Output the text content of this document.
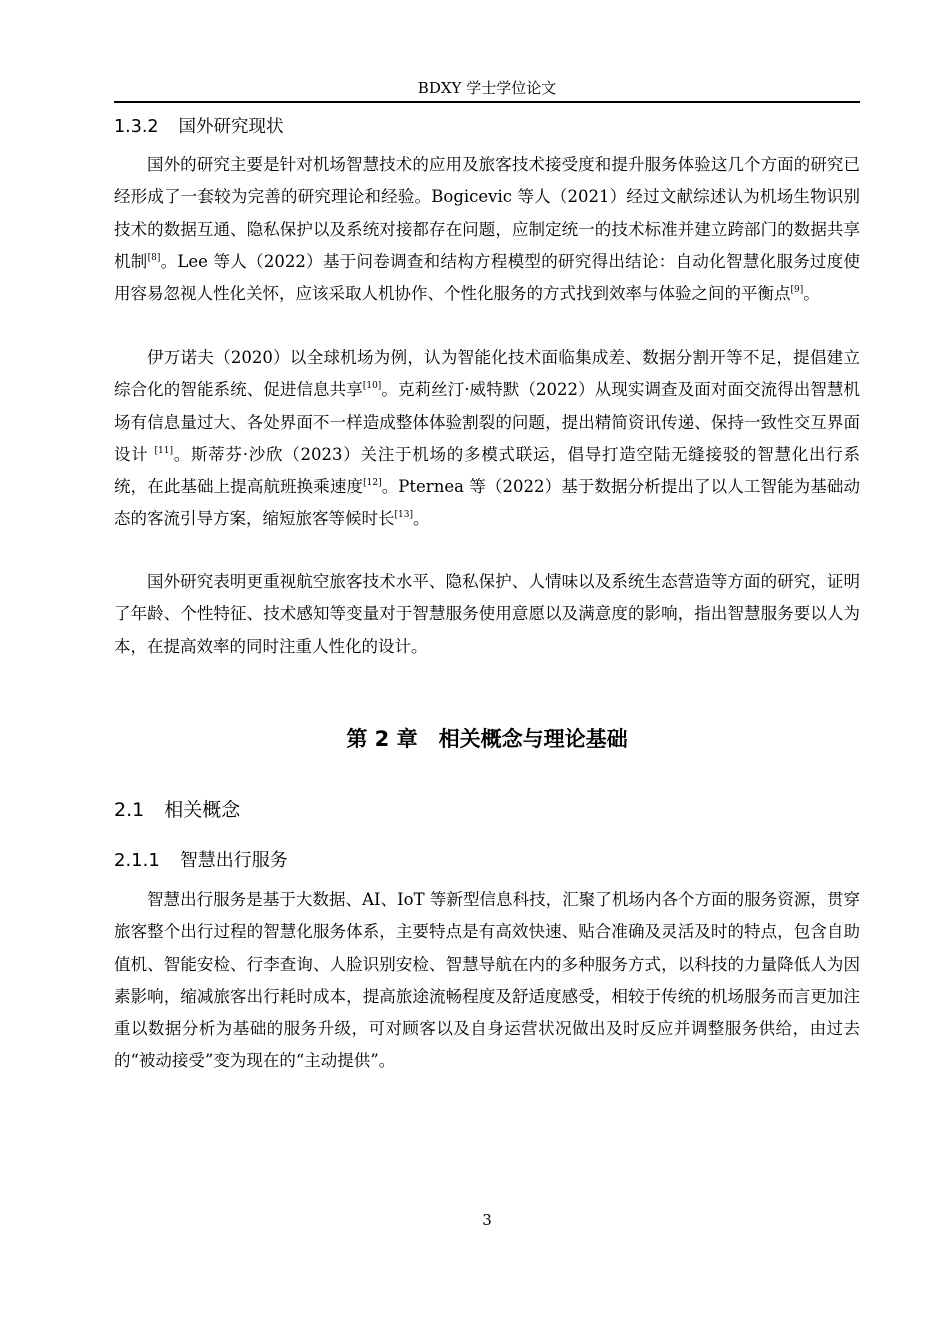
BDXY 学士学位论文
1.3.2 国外研究现状

国外的研究主要是针对机场智慧技术的应用及旅客技术接受度和提升服务体验这几个方面的研究已经形成了一套较为完善的研究理论和经验。Bogicevic 等人（2021）经过文献综述认为机场生物识别技术的数据互通、隐私保护以及系统对接都存在问题，应制定统一的技术标准并建立跨部门的数据共享机制[8]。Lee 等人（2022）基于问卷调查和结构方程模型的研究得出结论：自动化智慧化服务过度使用容易忽视人性化关怀，应该采取人机协作、个性化服务的方式找到效率与体验之间的平衡点[9]。

伊万诺夫（2020）以全球机场为例，认为智能化技术面临集成差、数据分割开等不足，提倡建立综合化的智能系统、促进信息共享[10]。克莉丝汀·威特默（2022）从现实调查及面对面交流得出智慧机场有信息量过大、各处界面不一样造成整体体验割裂的问题，提出精简资讯传递、保持一致性交互界面设计 [11]。斯蒂芬·沙欣（2023）关注于机场的多模式联运，倡导打造空陆无缝接驳的智慧化出行系统，在此基础上提高航班换乘速度[12]。Pternea 等（2022）基于数据分析提出了以人工智能为基础动态的客流引导方案，缩短旅客等候时长[13]。

国外研究表明更重视航空旅客技术水平、隐私保护、人情味以及系统生态营造等方面的研究，证明了年龄、个性特征、技术感知等变量对于智慧服务使用意愿以及满意度的影响，指出智慧服务要以人为本，在提高效率的同时注重人性化的设计。

第 2 章　相关概念与理论基础
2.1 相关概念
2.1.1 智慧出行服务

智慧出行服务是基于大数据、AI、IoT 等新型信息科技，汇聚了机场内各个方面的服务资源，贯穿旅客整个出行过程的智慧化服务体系，主要特点是有高效快速、贴合准确及灵活及时的特点，包含自助值机、智能安检、行李查询、人脸识别安检、智慧导航在内的多种服务方式，以科技的力量降低人为因素影响，缩减旅客出行耗时成本，提高旅途流畅程度及舒适度感受，相较于传统的机场服务而言更加注重以数据分析为基础的服务升级，可对顾客以及自身运营状况做出及时反应并调整服务供给，由过去的“被动接受”变为现在的“主动提供”。

3
